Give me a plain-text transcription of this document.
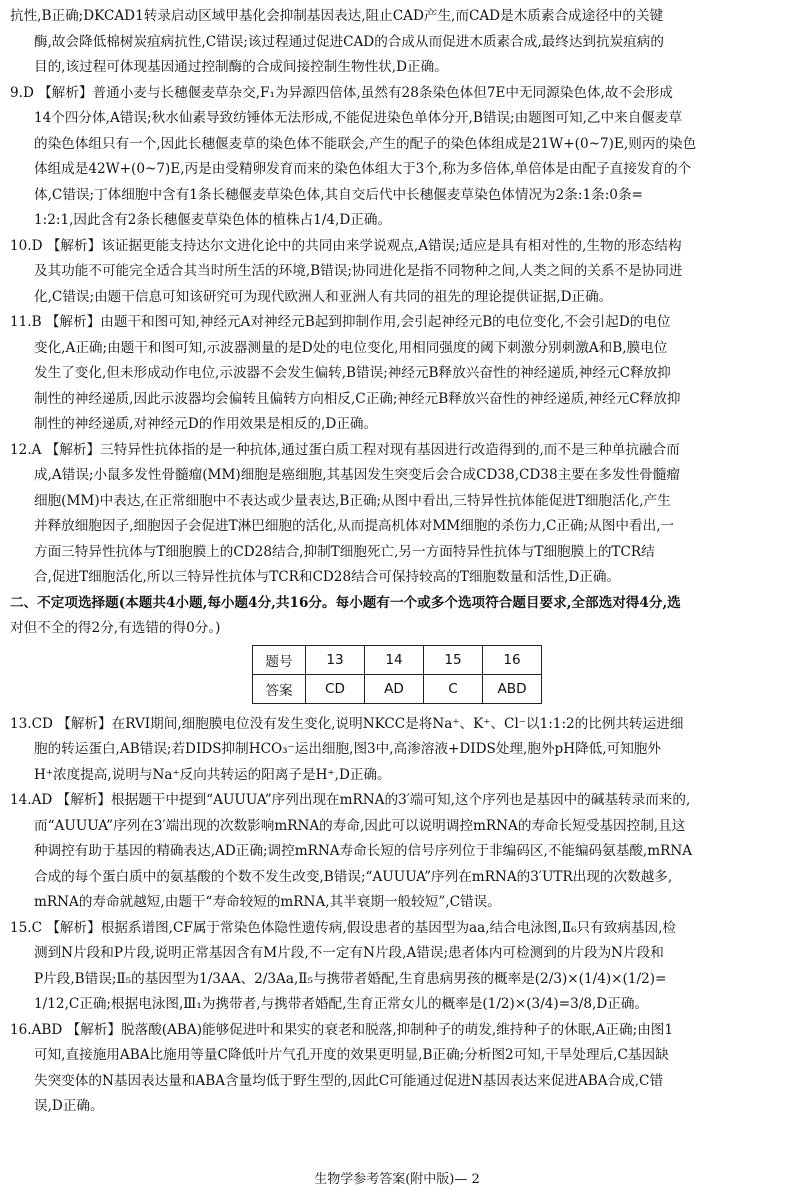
抗性,B正确;DKCAD1转录启动区域甲基化会抑制基因表达,阻止CAD产生,而CAD是木质素合成途径中的关键
酶,故会降低棉树炭疽病抗性,C错误;该过程通过促进CAD的合成从而促进木质素合成,最终达到抗炭疽病的
目的,该过程可体现基因通过控制酶的合成间接控制生物性状,D正确。
9.D 【解析】普通小麦与长穗偃麦草杂交,F₁为异源四倍体,虽然有28条染色体但7E中无同源染色体,故不会形成
14个四分体,A错误;秋水仙素导致纺锤体无法形成,不能促进染色单体分开,B错误;由题图可知,乙中来自偃麦草
的染色体组只有一个,因此长穗偃麦草的染色体不能联会,产生的配子的染色体组成是21W+(0~7)E,则丙的染色
体组成是42W+(0~7)E,丙是由受精卵发育而来的染色体组大于3个,称为多倍体,单倍体是由配子直接发育的个
体,C错误;丁体细胞中含有1条长穗偃麦草染色体,其自交后代中长穗偃麦草染色体情况为2条:1条:0条=
1:2:1,因此含有2条长穗偃麦草染色体的植株占1/4,D正确。
10.D 【解析】该证据更能支持达尔文进化论中的共同由来学说观点,A错误;适应是具有相对性的,生物的形态结构
及其功能不可能完全适合其当时所生活的环境,B错误;协同进化是指不同物种之间,人类之间的关系不是协同进
化,C错误;由题干信息可知该研究可为现代欧洲人和亚洲人有共同的祖先的理论提供证据,D正确。
11.B 【解析】由题干和图可知,神经元A对神经元B起到抑制作用,会引起神经元B的电位变化,不会引起D的电位
变化,A正确;由题干和图可知,示波器测量的是D处的电位变化,用相同强度的阈下刺激分别刺激A和B,膜电位
发生了变化,但未形成动作电位,示波器不会发生偏转,B错误;神经元B释放兴奋性的神经递质,神经元C释放抑
制性的神经递质,因此示波器均会偏转且偏转方向相反,C正确;神经元B释放兴奋性的神经递质,神经元C释放抑
制性的神经递质,对神经元D的作用效果是相反的,D正确。
12.A 【解析】三特异性抗体指的是一种抗体,通过蛋白质工程对现有基因进行改造得到的,而不是三种单抗融合而
成,A错误;小鼠多发性骨髓瘤(MM)细胞是癌细胞,其基因发生突变后会合成CD38,CD38主要在多发性骨髓瘤
细胞(MM)中表达,在正常细胞中不表达或少量表达,B正确;从图中看出,三特异性抗体能促进T细胞活化,产生
并释放细胞因子,细胞因子会促进T淋巴细胞的活化,从而提高机体对MM细胞的杀伤力,C正确;从图中看出,一
方面三特异性抗体与T细胞膜上的CD28结合,抑制T细胞死亡,另一方面特异性抗体与T细胞膜上的TCR结
合,促进T细胞活化,所以三特异性抗体与TCR和CD28结合可保持较高的T细胞数量和活性,D正确。
二、不定项选择题(本题共4小题,每小题4分,共16分。每小题有一个或多个选项符合题目要求,全部选对得4分,选
对但不全的得2分,有选错的得0分。)
题号	13	14	15	16
答案	CD	AD	C	ABD
13.CD 【解析】在RVI期间,细胞膜电位没有发生变化,说明NKCC是将Na⁺、K⁺、Cl⁻以1:1:2的比例共转运进细
胞的转运蛋白,AB错误;若DIDS抑制HCO₃⁻运出细胞,图3中,高渗溶液+DIDS处理,胞外pH降低,可知胞外
H⁺浓度提高,说明与Na⁺反向共转运的阳离子是H⁺,D正确。
14.AD 【解析】根据题干中提到“AUUUA”序列出现在mRNA的3′端可知,这个序列也是基因中的碱基转录而来的,
而“AUUUA”序列在3′端出现的次数影响mRNA的寿命,因此可以说明调控mRNA的寿命长短受基因控制,且这
种调控有助于基因的精确表达,AD正确;调控mRNA寿命长短的信号序列位于非编码区,不能编码氨基酸,mRNA
合成的每个蛋白质中的氨基酸的个数不发生改变,B错误;“AUUUA”序列在mRNA的3′UTR出现的次数越多,
mRNA的寿命就越短,由题干“寿命较短的mRNA,其半衰期一般较短”,C错误。
15.C 【解析】根据系谱图,CF属于常染色体隐性遗传病,假设患者的基因型为aa,结合电泳图,Ⅱ₆只有致病基因,检
测到N片段和P片段,说明正常基因含有M片段,不一定有N片段,A错误;患者体内可检测到的片段为N片段和
P片段,B错误;Ⅱ₅的基因型为1/3AA、2/3Aa,Ⅱ₅与携带者婚配,生育患病男孩的概率是(2/3)×(1/4)×(1/2)=
1/12,C正确;根据电泳图,Ⅲ₁为携带者,与携带者婚配,生育正常女儿的概率是(1/2)×(3/4)=3/8,D正确。
16.ABD 【解析】脱落酸(ABA)能够促进叶和果实的衰老和脱落,抑制种子的萌发,维持种子的休眠,A正确;由图1
可知,直接施用ABA比施用等量C降低叶片气孔开度的效果更明显,B正确;分析图2可知,干旱处理后,C基因缺
失突变体的N基因表达量和ABA含量均低于野生型的,因此C可能通过促进N基因表达来促进ABA合成,C错
误,D正确。
生物学参考答案(附中版)— 2
